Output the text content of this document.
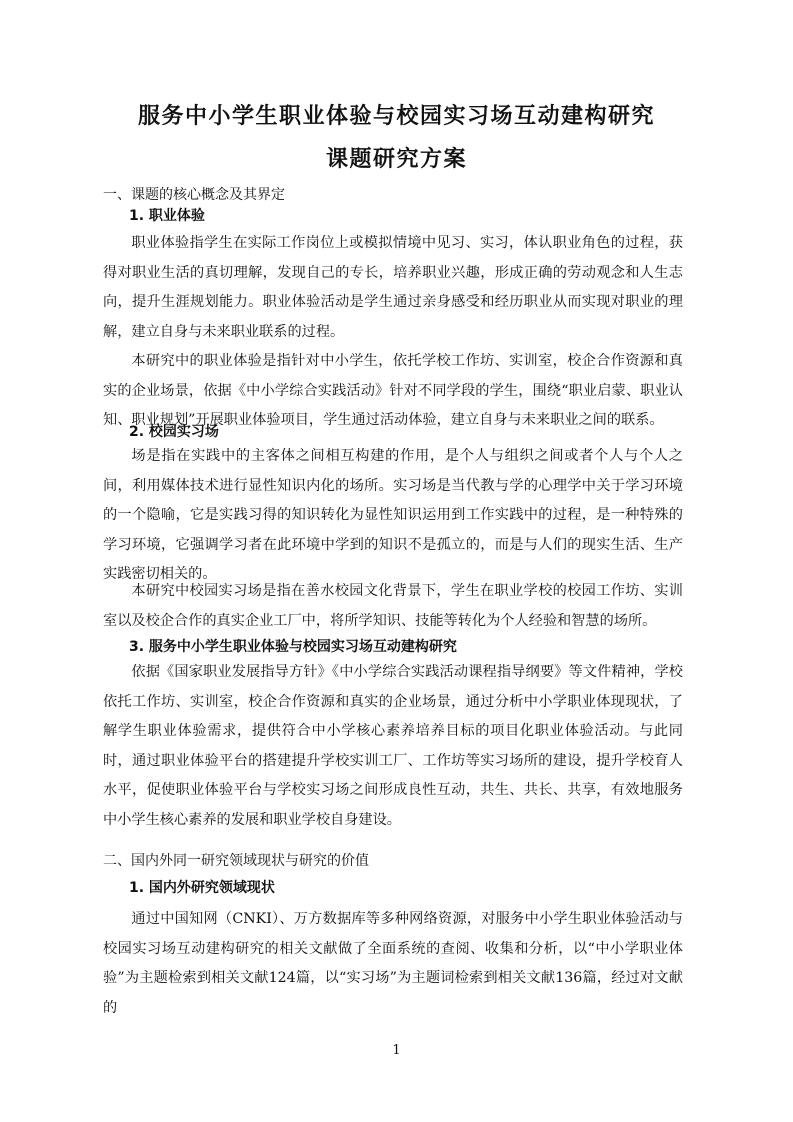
服务中小学生职业体验与校园实习场互动建构研究
课题研究方案
一、课题的核心概念及其界定
1. 职业体验

职业体验指学生在实际工作岗位上或模拟情境中见习、实习，体认职业角色的过程，获得对职业生活的真切理解，发现自己的专长，培养职业兴趣，形成正确的劳动观念和人生志向，提升生涯规划能力。职业体验活动是学生通过亲身感受和经历职业从而实现对职业的理解，建立自身与未来职业联系的过程。

本研究中的职业体验是指针对中小学生，依托学校工作坊、实训室，校企合作资源和真实的企业场景，依据《中小学综合实践活动》针对不同学段的学生，围绕“职业启蒙、职业认知、职业规划”开展职业体验项目，学生通过活动体验，建立自身与未来职业之间的联系。

2. 校园实习场

场是指在实践中的主客体之间相互构建的作用，是个人与组织之间或者个人与个人之间，利用媒体技术进行显性知识内化的场所。实习场是当代教与学的心理学中关于学习环境的一个隐喻，它是实践习得的知识转化为显性知识运用到工作实践中的过程，是一种特殊的学习环境，它强调学习者在此环境中学到的知识不是孤立的，而是与人们的现实生活、生产实践密切相关的。

本研究中校园实习场是指在善水校园文化背景下，学生在职业学校的校园工作坊、实训室以及校企合作的真实企业工厂中，将所学知识、技能等转化为个人经验和智慧的场所。

3. 服务中小学生职业体验与校园实习场互动建构研究

依据《国家职业发展指导方针》《中小学综合实践活动课程指导纲要》等文件精神，学校依托工作坊、实训室，校企合作资源和真实的企业场景，通过分析中小学职业体现现状，了解学生职业体验需求，提供符合中小学核心素养培养目标的项目化职业体验活动。与此同时，通过职业体验平台的搭建提升学校实训工厂、工作坊等实习场所的建设，提升学校育人水平，促使职业体验平台与学校实习场之间形成良性互动，共生、共长、共享，有效地服务中小学生核心素养的发展和职业学校自身建设。

二、国内外同一研究领域现状与研究的价值
1. 国内外研究领域现状

通过中国知网（CNKI）、万方数据库等多种网络资源，对服务中小学生职业体验活动与校园实习场互动建构研究的相关文献做了全面系统的查阅、收集和分析，以“中小学职业体验”为主题检索到相关文献124篇，以“实习场”为主题词检索到相关文献136篇，经过对文献的

1
